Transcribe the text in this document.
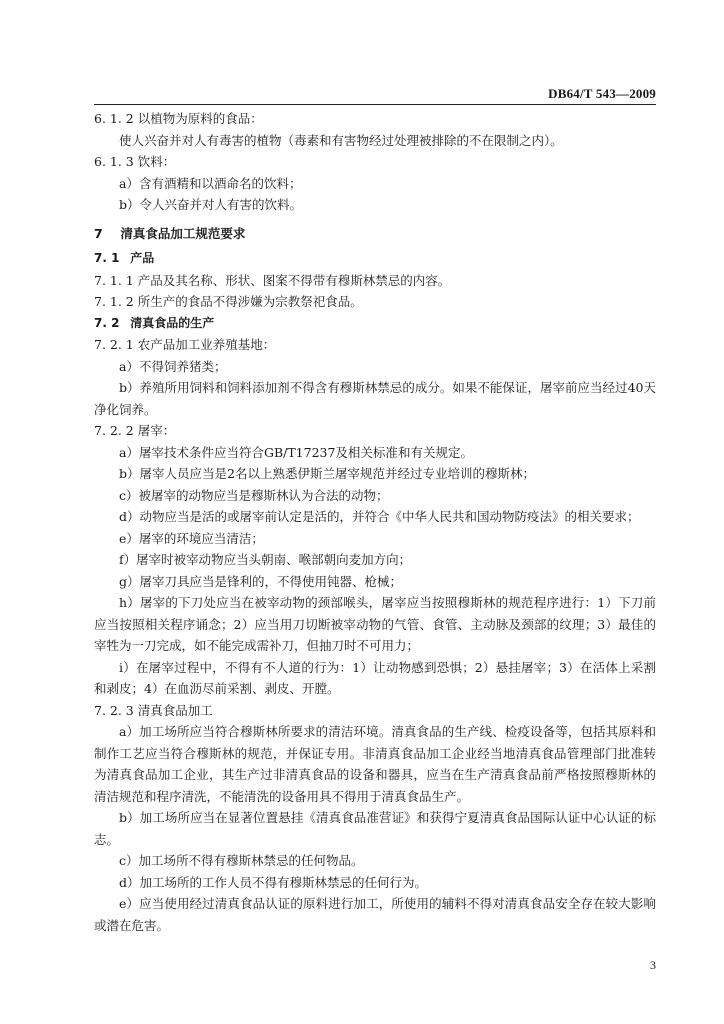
DB64/T 543—2009

6. 1. 2 以植物为原料的食品：

使人兴奋并对人有毒害的植物（毒素和有害物经过处理被排除的不在限制之内）。

6. 1. 3 饮料：

a）含有酒精和以酒命名的饮料；

b）令人兴奋并对人有害的饮料。

7 清真食品加工规范要求

7. 1 产品

7. 1. 1 产品及其名称、形状、图案不得带有穆斯林禁忌的内容。

7. 1. 2 所生产的食品不得涉嫌为宗教祭祀食品。

7. 2 清真食品的生产

7. 2. 1 农产品加工业养殖基地：

a）不得饲养猪类；

b）养殖所用饲料和饲料添加剂不得含有穆斯林禁忌的成分。如果不能保证，屠宰前应当经过40天净化饲养。

7. 2. 2 屠宰：

a）屠宰技术条件应当符合GB/T17237及相关标准和有关规定。

b）屠宰人员应当是2名以上熟悉伊斯兰屠宰规范并经过专业培训的穆斯林；

c）被屠宰的动物应当是穆斯林认为合法的动物；

d）动物应当是活的或屠宰前认定是活的，并符合《中华人民共和国动物防疫法》的相关要求；

e）屠宰的环境应当清洁；

f）屠宰时被宰动物应当头朝南、喉部朝向麦加方向；

g）屠宰刀具应当是锋利的，不得使用钝器、枪械；

h）屠宰的下刀处应当在被宰动物的颈部喉头，屠宰应当按照穆斯林的规范程序进行：1）下刀前应当按照相关程序诵念；2）应当用刀切断被宰动物的气管、食管、主动脉及颈部的纹理；3）最佳的宰牲为一刀完成，如不能完成需补刀，但抽刀时不可用力；

i）在屠宰过程中，不得有不人道的行为：1）让动物感到恐惧；2）悬挂屠宰；3）在活体上采割和剥皮；4）在血沥尽前采割、剥皮、开膛。

7. 2. 3 清真食品加工

a）加工场所应当符合穆斯林所要求的清洁环境。清真食品的生产线、检疫设备等，包括其原料和制作工艺应当符合穆斯林的规范，并保证专用。非清真食品加工企业经当地清真食品管理部门批准转为清真食品加工企业，其生产过非清真食品的设备和器具，应当在生产清真食品前严格按照穆斯林的清洁规范和程序清洗，不能清洗的设备用具不得用于清真食品生产。

b）加工场所应当在显著位置悬挂《清真食品准营证》和获得宁夏清真食品国际认证中心认证的标志。

c）加工场所不得有穆斯林禁忌的任何物品。

d）加工场所的工作人员不得有穆斯林禁忌的任何行为。

e）应当使用经过清真食品认证的原料进行加工，所使用的辅料不得对清真食品安全存在较大影响或潜在危害。

3
